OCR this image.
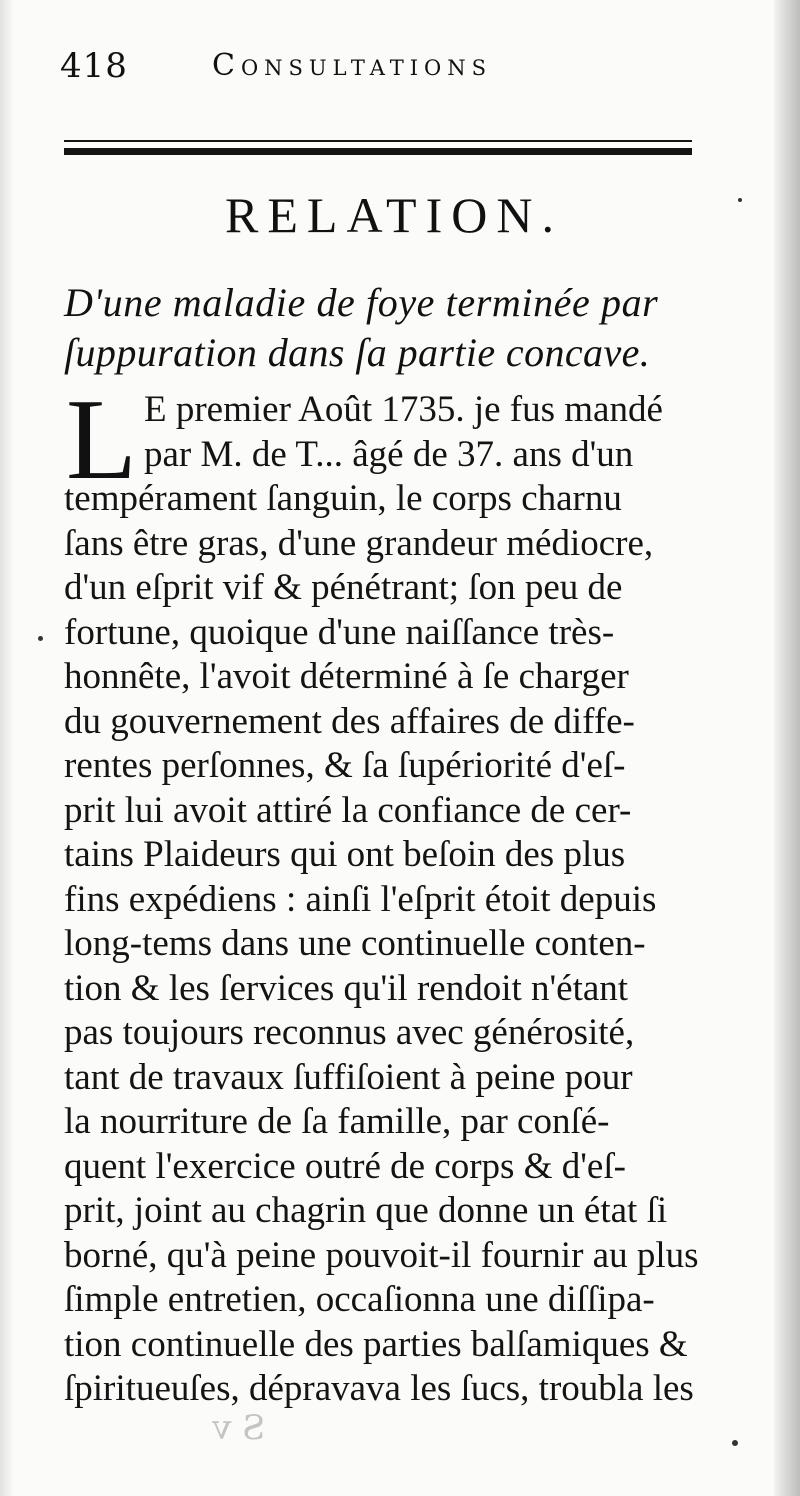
418	Consultations
RELATION.
D'une maladie de foye terminée par
ſuppuration dans ſa partie concave.
L E premier Août 1735. je fus mandé
par M. de T... âgé de 37. ans d'un
tempérament ſanguin, le corps charnu
ſans être gras, d'une grandeur médiocre,
d'un eſprit vif & pénétrant; ſon peu de
fortune, quoique d'une naiſſance très-
honnête, l'avoit déterminé à ſe charger
du gouvernement des affaires de diffe-
rentes perſonnes, & ſa ſupériorité d'eſ-
prit lui avoit attiré la confiance de cer-
tains Plaideurs qui ont beſoin des plus
fins expédiens : ainſi l'eſprit étoit depuis
long-tems dans une continuelle conten-
tion & les ſervices qu'il rendoit n'étant
pas toujours reconnus avec générosité,
tant de travaux ſuffiſoient à peine pour
la nourriture de ſa famille, par conſé-
quent l'exercice outré de corps & d'eſ-
prit, joint au chagrin que donne un état ſi
borné, qu'à peine pouvoit-il fournir au plus
ſimple entretien, occaſionna une diſſipa-
tion continuelle des parties balſamiques &
ſpiritueuſes, dépravava les ſucs, troubla les
S v
